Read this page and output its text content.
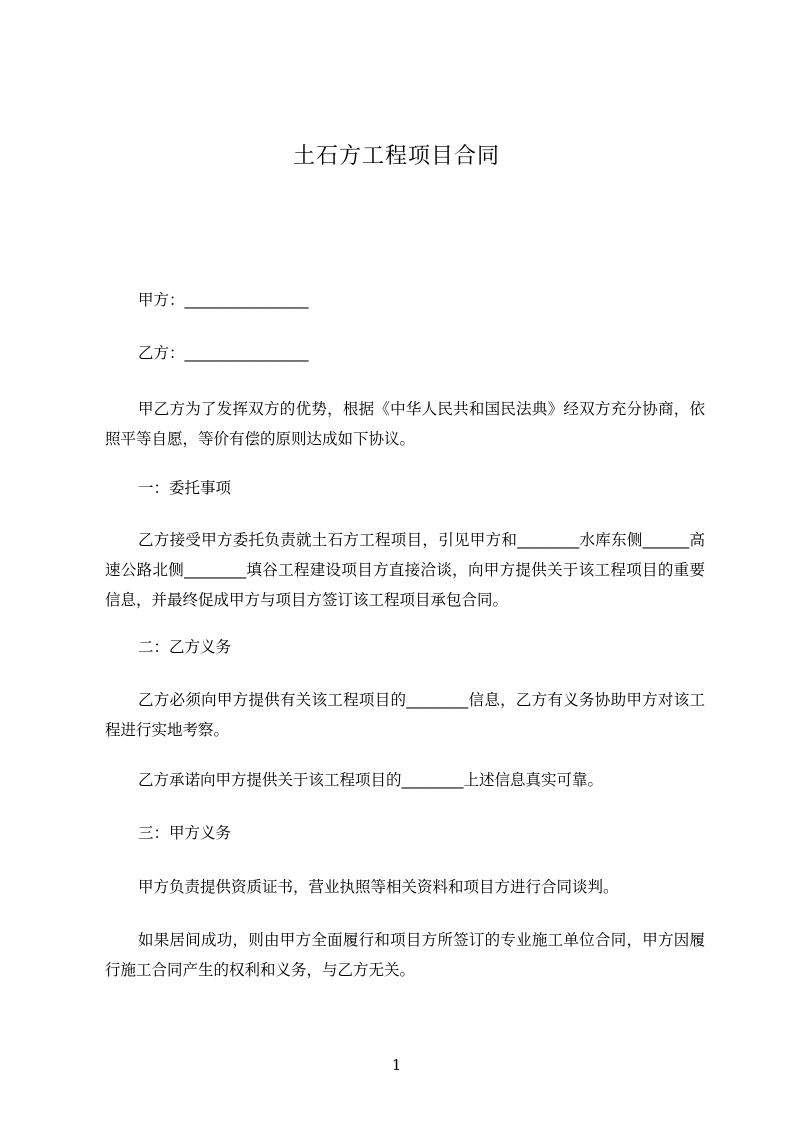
土石方工程项目合同
甲方：________________
乙方：________________
甲乙方为了发挥双方的优势，根据《中华人民共和国民法典》经双方充分协商，依照平等自愿，等价有偿的原则达成如下协议。
一：委托事项
乙方接受甲方委托负责就土石方工程项目，引见甲方和________水库东侧______高速公路北侧________填谷工程建设项目方直接洽谈，向甲方提供关于该工程项目的重要信息，并最终促成甲方与项目方签订该工程项目承包合同。
二：乙方义务
乙方必须向甲方提供有关该工程项目的________信息，乙方有义务协助甲方对该工程进行实地考察。
乙方承诺向甲方提供关于该工程项目的________上述信息真实可靠。
三：甲方义务
甲方负责提供资质证书，营业执照等相关资料和项目方进行合同谈判。
如果居间成功，则由甲方全面履行和项目方所签订的专业施工单位合同，甲方因履行施工合同产生的权利和义务，与乙方无关。
1
